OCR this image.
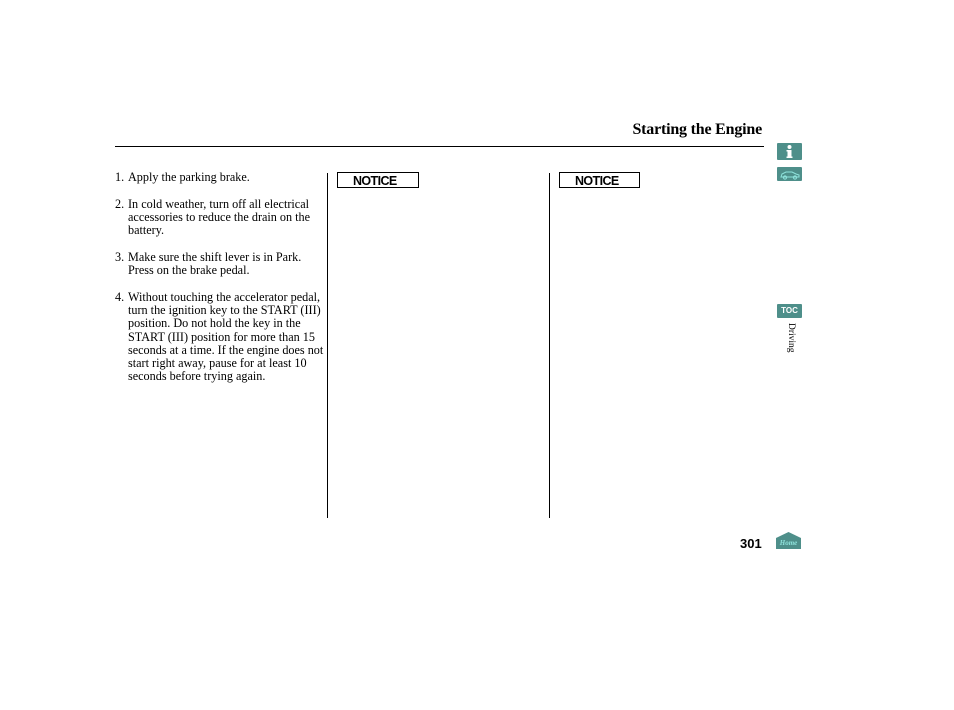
Starting the Engine
1. Apply the parking brake.
2. In cold weather, turn off all electrical accessories to reduce the drain on the battery.
3. Make sure the shift lever is in Park. Press on the brake pedal.
4. Without touching the accelerator pedal, turn the ignition key to the START (III) position. Do not hold the key in the START (III) position for more than 15 seconds at a time. If the engine does not start right away, pause for at least 10 seconds before trying again.
NOTICE	NOTICE
TOC
Driving
301	Home
